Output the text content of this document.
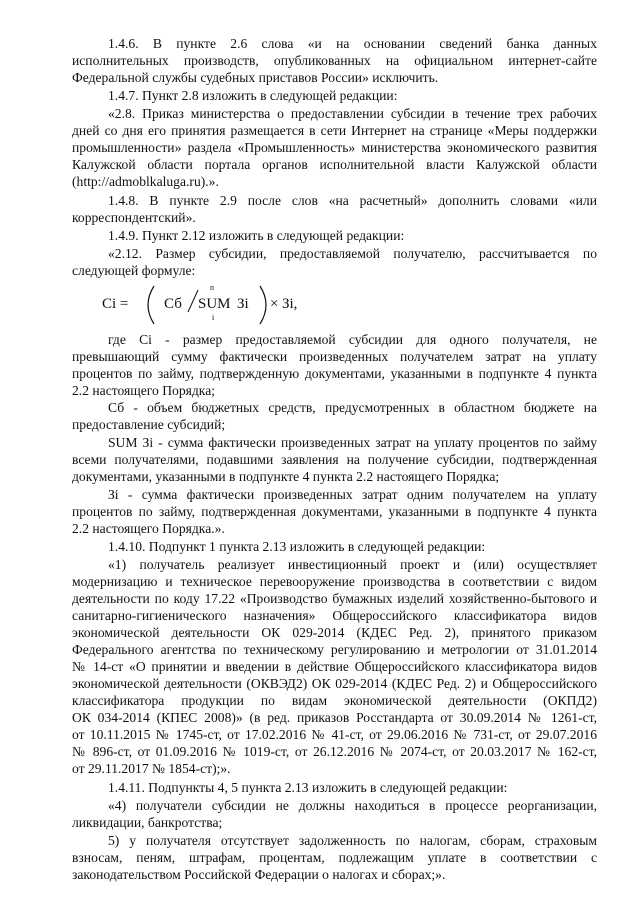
1.4.6. В пункте 2.6 слова «и на основании сведений банка данных
исполнительных производств, опубликованных на официальном интернет-сайте
Федеральной службы судебных приставов России» исключить.
1.4.7. Пункт 2.8 изложить в следующей редакции:
«2.8. Приказ министерства о предоставлении субсидии в течение трех рабочих
дней со дня его принятия размещается в сети Интернет на странице «Меры поддержки
промышленности» раздела «Промышленность» министерства экономического развития
Калужской области портала органов исполнительной власти Калужской области
(http://admoblkaluga.ru).».
1.4.8. В пункте 2.9 после слов «на расчетный» дополнить словами «или
корреспондентский».
1.4.9. Пункт 2.12 изложить в следующей редакции:
«2.12. Размер субсидии, предоставляемой получателю, рассчитывается по
следующей формуле:
Ci = Сб
n
SUM
i
Зi × Зi,
где Ci - размер предоставляемой субсидии для одного получателя, не
превышающий сумму фактически произведенных получателем затрат на уплату
процентов по займу, подтвержденную документами, указанными в подпункте 4 пункта
2.2 настоящего Порядка;
Сб - объем бюджетных средств, предусмотренных в областном бюджете на
предоставление субсидий;
SUM Зi - сумма фактически произведенных затрат на уплату процентов по займу
всеми получателями, подавшими заявления на получение субсидии, подтвержденная
документами, указанными в подпункте 4 пункта 2.2 настоящего Порядка;
Зi - сумма фактически произведенных затрат одним получателем на уплату
процентов по займу, подтвержденная документами, указанными в подпункте 4 пункта
2.2 настоящего Порядка.».
1.4.10. Подпункт 1 пункта 2.13 изложить в следующей редакции:
«1) получатель реализует инвестиционный проект и (или) осуществляет
модернизацию и техническое перевооружение производства в соответствии с видом
деятельности по коду 17.22 «Производство бумажных изделий хозяйственно-бытового и
санитарно-гигиенического назначения» Общероссийского классификатора видов
экономической деятельности ОК 029-2014 (КДЕС Ред. 2), принятого приказом
Федерального агентства по техническому регулированию и метрологии от 31.01.2014
№ 14-ст «О принятии и введении в действие Общероссийского классификатора видов
экономической деятельности (ОКВЭД2) ОК 029-2014 (КДЕС Ред. 2) и Общероссийского
классификатора продукции по видам экономической деятельности (ОКПД2)
ОК 034-2014 (КПЕС 2008)» (в ред. приказов Росстандарта от 30.09.2014 № 1261-ст,
от 10.11.2015 № 1745-ст, от 17.02.2016 № 41-ст, от 29.06.2016 № 731-ст, от 29.07.2016
№ 896-ст, от 01.09.2016 № 1019-ст, от 26.12.2016 № 2074-ст, от 20.03.2017 № 162-ст,
от 29.11.2017 № 1854-ст);».
1.4.11. Подпункты 4, 5 пункта 2.13 изложить в следующей редакции:
«4) получатели субсидии не должны находиться в процессе реорганизации,
ликвидации, банкротства;
5) у получателя отсутствует задолженность по налогам, сборам, страховым
взносам, пеням, штрафам, процентам, подлежащим уплате в соответствии с
законодательством Российской Федерации о налогах и сборах;».
